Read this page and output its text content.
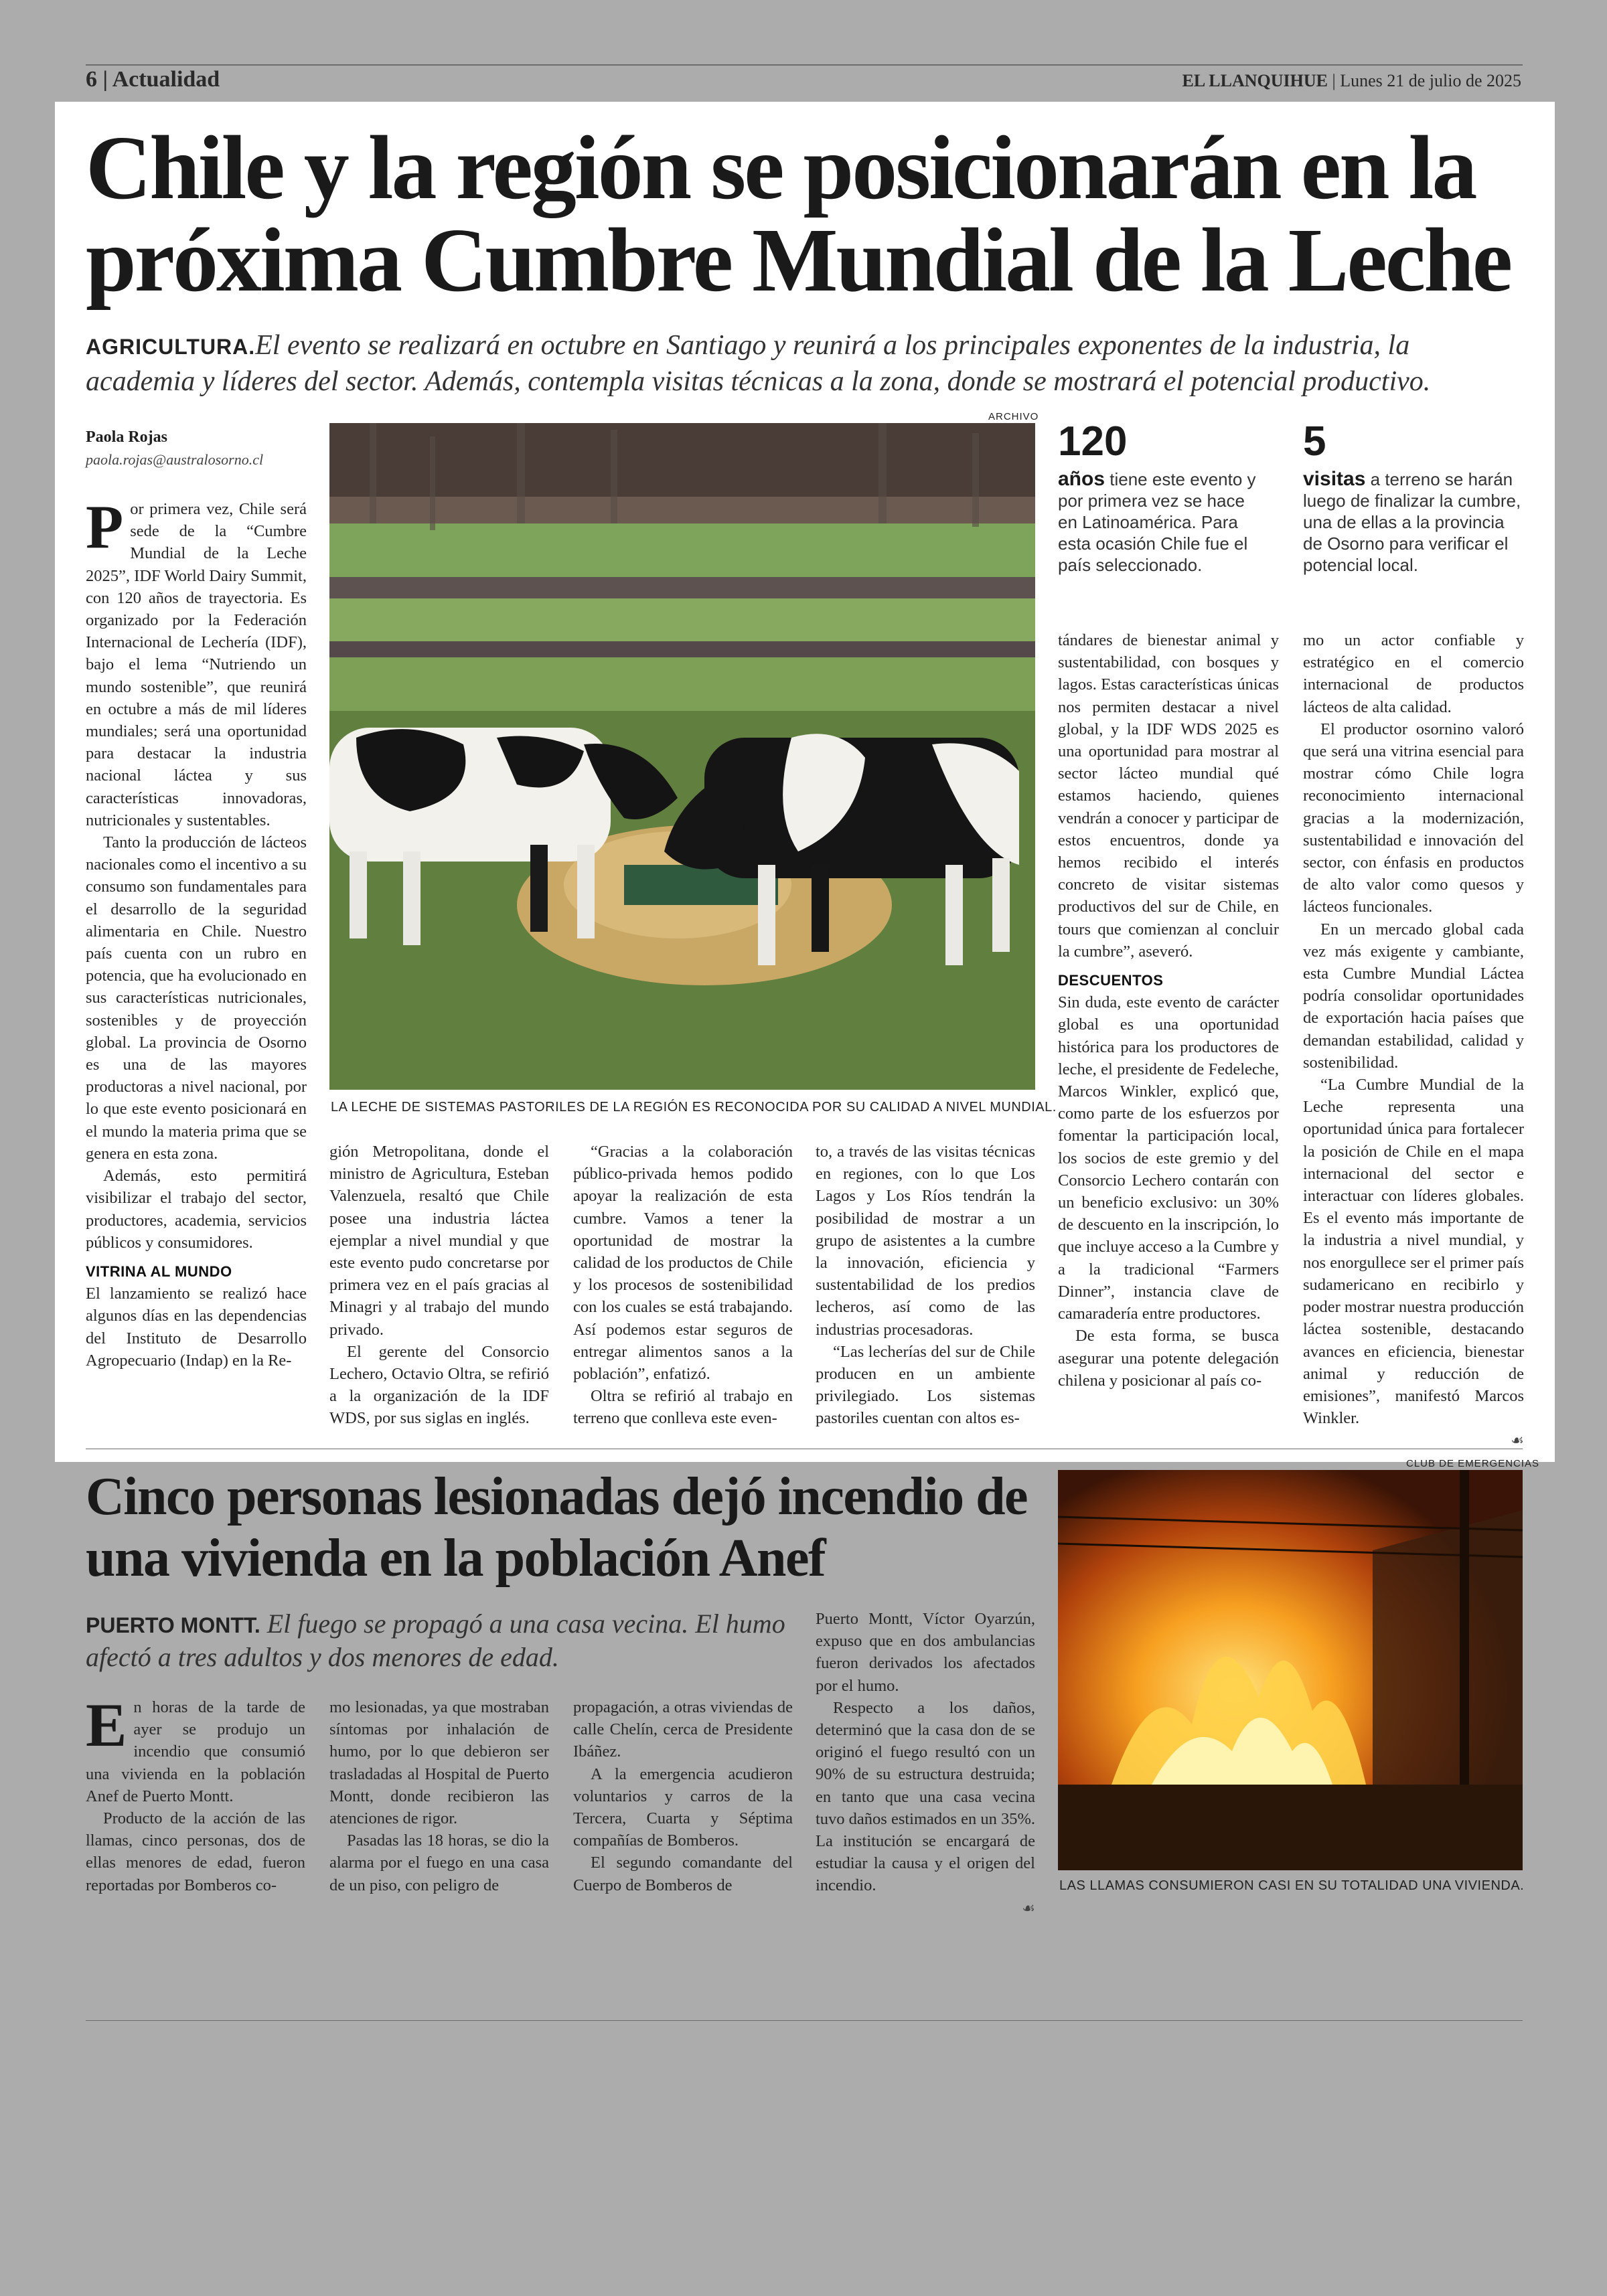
6 | Actualidad	EL LLANQUIHUE | Lunes 21 de julio de 2025
Chile y la región se posicionarán en la próxima Cumbre Mundial de la Leche

AGRICULTURA.El evento se realizará en octubre en Santiago y reunirá a los principales exponentes de la industria, la academia y líderes del sector. Además, contempla visitas técnicas a la zona, donde se mostrará el potencial productivo.

Paola Rojas
paola.rojas@australosorno.cl
ARCHIVO
LA LECHE DE SISTEMAS PASTORILES DE LA REGIÓN ES RECONOCIDA POR SU CALIDAD A NIVEL MUNDIAL.
120
años tiene este evento y por primera vez se hace en Latinoamérica. Para esta ocasión Chile fue el país seleccionado.
5
visitas a terreno se harán luego de finalizar la cumbre, una de ellas a la provincia de Osorno para verificar el potencial local.
P or primera vez, Chile será sede de la “Cumbre Mundial de la Leche 2025”, IDF World Dairy Summit, con 120 años de trayectoria. Es organizado por la Federación Internacional de Lechería (IDF), bajo el lema “Nutriendo un mundo sostenible”, que reunirá en octubre a más de mil líderes mundiales; será una oportunidad para destacar la industria nacional láctea y sus características innovadoras, nutricionales y sustentables.

Tanto la producción de lácteos nacionales como el incentivo a su consumo son fundamentales para el desarrollo de la seguridad alimentaria en Chile. Nuestro país cuenta con un rubro en potencia, que ha evolucionado en sus características nutricionales, sostenibles y de proyección global. La provincia de Osorno es una de las mayores productoras a nivel nacional, por lo que este evento posicionará en el mundo la materia prima que se genera en esta zona.

Además, esto permitirá visibilizar el trabajo del sector, productores, academia, servicios públicos y consumidores.

VITRINA AL MUNDO

El lanzamiento se realizó hace algunos días en las dependencias del Instituto de Desarrollo Agropecuario (Indap) en la Re-

gión Metropolitana, donde el ministro de Agricultura, Esteban Valenzuela, resaltó que Chile posee una industria láctea ejemplar a nivel mundial y que este evento pudo concretarse por primera vez en el país gracias al Minagri y al trabajo del mundo privado.

El gerente del Consorcio Lechero, Octavio Oltra, se refirió a la organización de la IDF WDS, por sus siglas en inglés.

“Gracias a la colaboración público-privada hemos podido apoyar la realización de esta cumbre. Vamos a tener la oportunidad de mostrar la calidad de los productos de Chile y los procesos de sostenibilidad con los cuales se está trabajando. Así podemos estar seguros de entregar alimentos sanos a la población”, enfatizó.

Oltra se refirió al trabajo en terreno que conlleva este even-

to, a través de las visitas técnicas en regiones, con lo que Los Lagos y Los Ríos tendrán la posibilidad de mostrar a un grupo de asistentes a la cumbre la innovación, eficiencia y sustentabilidad de los predios lecheros, así como de las industrias procesadoras.

“Las lecherías del sur de Chile producen en un ambiente privilegiado. Los sistemas pastoriles cuentan con altos es-

tándares de bienestar animal y sustentabilidad, con bosques y lagos. Estas características únicas nos permiten destacar a nivel global, y la IDF WDS 2025 es una oportunidad para mostrar al sector lácteo mundial qué estamos haciendo, quienes vendrán a conocer y participar de estos encuentros, donde ya hemos recibido el interés concreto de visitar sistemas productivos del sur de Chile, en tours que comienzan al concluir la cumbre”, aseveró.

DESCUENTOS

Sin duda, este evento de carácter global es una oportunidad histórica para los productores de leche, el presidente de Fedeleche, Marcos Winkler, explicó que, como parte de los esfuerzos por fomentar la participación local, los socios de este gremio y del Consorcio Lechero contarán con un beneficio exclusivo: un 30% de descuento en la inscripción, lo que incluye acceso a la Cumbre y a la tradicional “Farmers Dinner”, instancia clave de camaradería entre productores.

De esta forma, se busca asegurar una potente delegación chilena y posicionar al país co-

mo un actor confiable y estratégico en el comercio internacional de productos lácteos de alta calidad.

El productor osornino valoró que será una vitrina esencial para mostrar cómo Chile logra reconocimiento internacional gracias a la modernización, sustentabilidad e innovación del sector, con énfasis en productos de alto valor como quesos y lácteos funcionales.

En un mercado global cada vez más exigente y cambiante, esta Cumbre Mundial Láctea podría consolidar oportunidades de exportación hacia países que demandan estabilidad, calidad y sostenibilidad.

“La Cumbre Mundial de la Leche representa una oportunidad única para fortalecer la posición de Chile en el mapa internacional del sector e interactuar con líderes globales. Es el evento más importante de la industria a nivel mundial, y nos enorgullece ser el primer país sudamericano en recibirlo y poder mostrar nuestra producción láctea sostenible, destacando avances en eficiencia, bienestar animal y reducción de emisiones”, manifestó Marcos Winkler.

☙
Cinco personas lesionadas dejó incendio de una vivienda en la población Anef

PUERTO MONTT. El fuego se propagó a una casa vecina. El humo afectó a tres adultos y dos menores de edad.

CLUB DE EMERGENCIAS
LAS LLAMAS CONSUMIERON CASI EN SU TOTALIDAD UNA VIVIENDA.
E n horas de la tarde de ayer se produjo un incendio que consumió una vivienda en la población Anef de Puerto Montt.

Producto de la acción de las llamas, cinco personas, dos de ellas menores de edad, fueron reportadas por Bomberos co-

mo lesionadas, ya que mostraban síntomas por inhalación de humo, por lo que debieron ser trasladadas al Hospital de Puerto Montt, donde recibieron las atenciones de rigor.

Pasadas las 18 horas, se dio la alarma por el fuego en una casa de un piso, con peligro de

propagación, a otras viviendas de calle Chelín, cerca de Presidente Ibáñez.

A la emergencia acudieron voluntarios y carros de la Tercera, Cuarta y Séptima compañías de Bomberos.

El segundo comandante del Cuerpo de Bomberos de

Puerto Montt, Víctor Oyarzún, expuso que en dos ambulancias fueron derivados los afectados por el humo.

Respecto a los daños, determinó que la casa don de se originó el fuego resultó con un 90% de su estructura destruida; en tanto que una casa vecina tuvo daños estimados en un 35%. La institución se encargará de estudiar la causa y el origen del incendio.

☙
